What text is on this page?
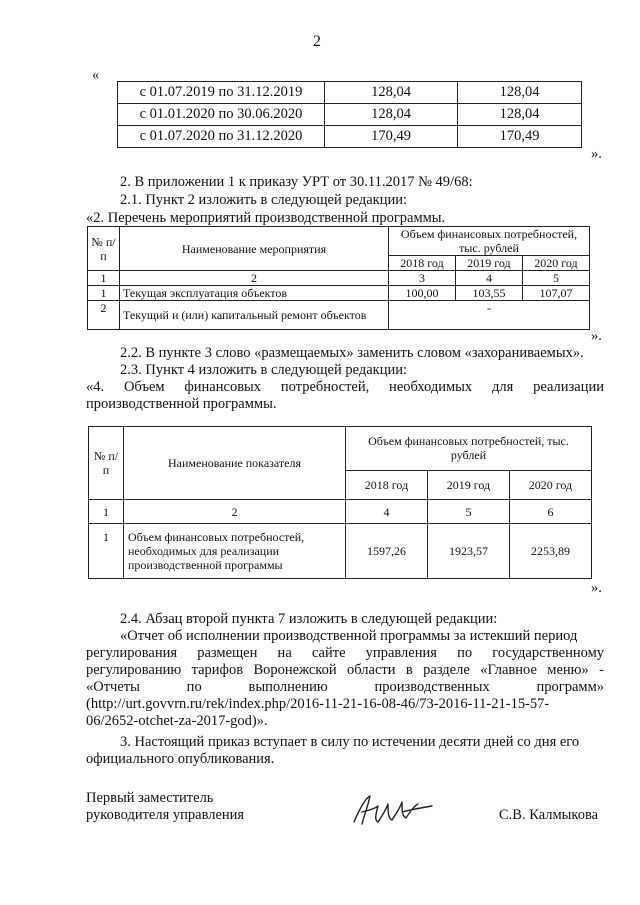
2
«
с 01.07.2019 по 31.12.2019	128,04	128,04
с 01.01.2020 по 30.06.2020	128,04	128,04
с 01.07.2020 по 31.12.2020	170,49	170,49
».
2. В приложении 1 к приказу УРТ от 30.11.2017 № 49/68:
2.1. Пункт 2 изложить в следующей редакции:
«2. Перечень мероприятий производственной программы.
№ п/п	Наименование мероприятия	Объем финансовых потребностей, тыс. рублей		
		2018 год	2019 год	2020 год
1	2	3	4	5
1	Текущая эксплуатация объектов	100,00	103,55	107,07
2	Текущий и (или) капитальный ремонт объектов	-		
».
2.2. В пункте 3 слово «размещаемых» заменить словом «захораниваемых».
2.3. Пункт 4 изложить в следующей редакции:
«4. Объем финансовых потребностей, необходимых для реализации производственной программы.
№ п/п	Наименование показателя	Объем финансовых потребностей, тыс. рублей		
		2018 год	2019 год	2020 год
1	2	4	5	6
1	Объем финансовых потребностей, необходимых для реализации производственной программы	1597,26	1923,57	2253,89
».
2.4. Абзац второй пункта 7 изложить в следующей редакции:
«Отчет об исполнении производственной программы за истекший период
регулирования размещен на сайте управления по государственному
регулированию тарифов Воронежской области в разделе «Главное меню» -
«Отчеты по выполнению производственных программ»
(http://urt.govvrn.ru/rek/index.php/2016-11-21-16-08-46/73-2016-11-21-15-57-
06/2652-otchet-za-2017-god)».
3. Настоящий приказ вступает в силу по истечении десяти дней со дня его
официального опубликования.
Первый заместитель
руководителя управления	С.В. Калмыкова
